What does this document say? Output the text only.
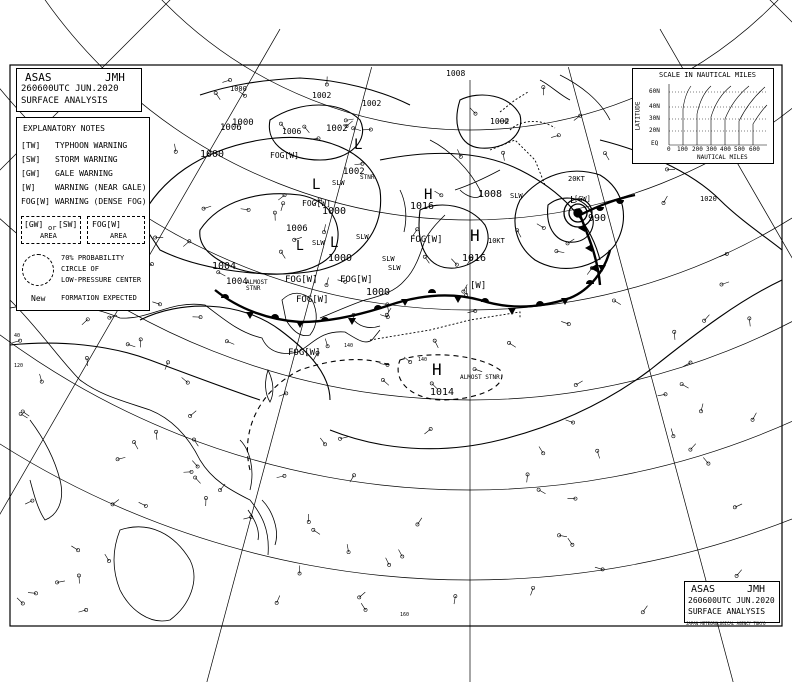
ASAS	JMH
260600UTC JUN.2020
SURFACE ANALYSIS
EXPLANATORY NOTES
[TW] TYPHOON WARNING
[SW] STORM WARNING
[GW] GALE WARNING
[W] WARNING (NEAR GALE)
FOG[W] WARNING (DENSE FOG)
[GW] or [SW]
AREA
FOG[W]
AREA
70% PROBABILITY
CIRCLE OF
LOW-PRESSURE CENTER
New FORMATION EXPECTED
SCALE IN NAUTICAL MILES
LATITUDE
60N
40N
30N
20N
EQ
0 100 200 300 400 500 600
NAUTICAL MILES
ASAS	JMH
260600UTC JUN.2020
SURFACE ANALYSIS
JAPAN METEOROLOGICAL AGENCY TOKYO
H
1014
ALMOST STNR
H
1016
10KT
H
1016
L
1000
SLW
L
1000
SLW
L
1002
STNR
L
1006
SLW
1008 SLW	L
990
20KT
1000
SLW
1002
SLW
FOG[W]
FOG[W]
FOG[W]
FOG[W]
FOG[W]
[W]
[GW]
FOG[W]
FOG[W]
1000
1004
1000
1006
1008
1006
1000
1002
1002
1020
1002
1004
140
160
120
40
140
ALMOST STNR
